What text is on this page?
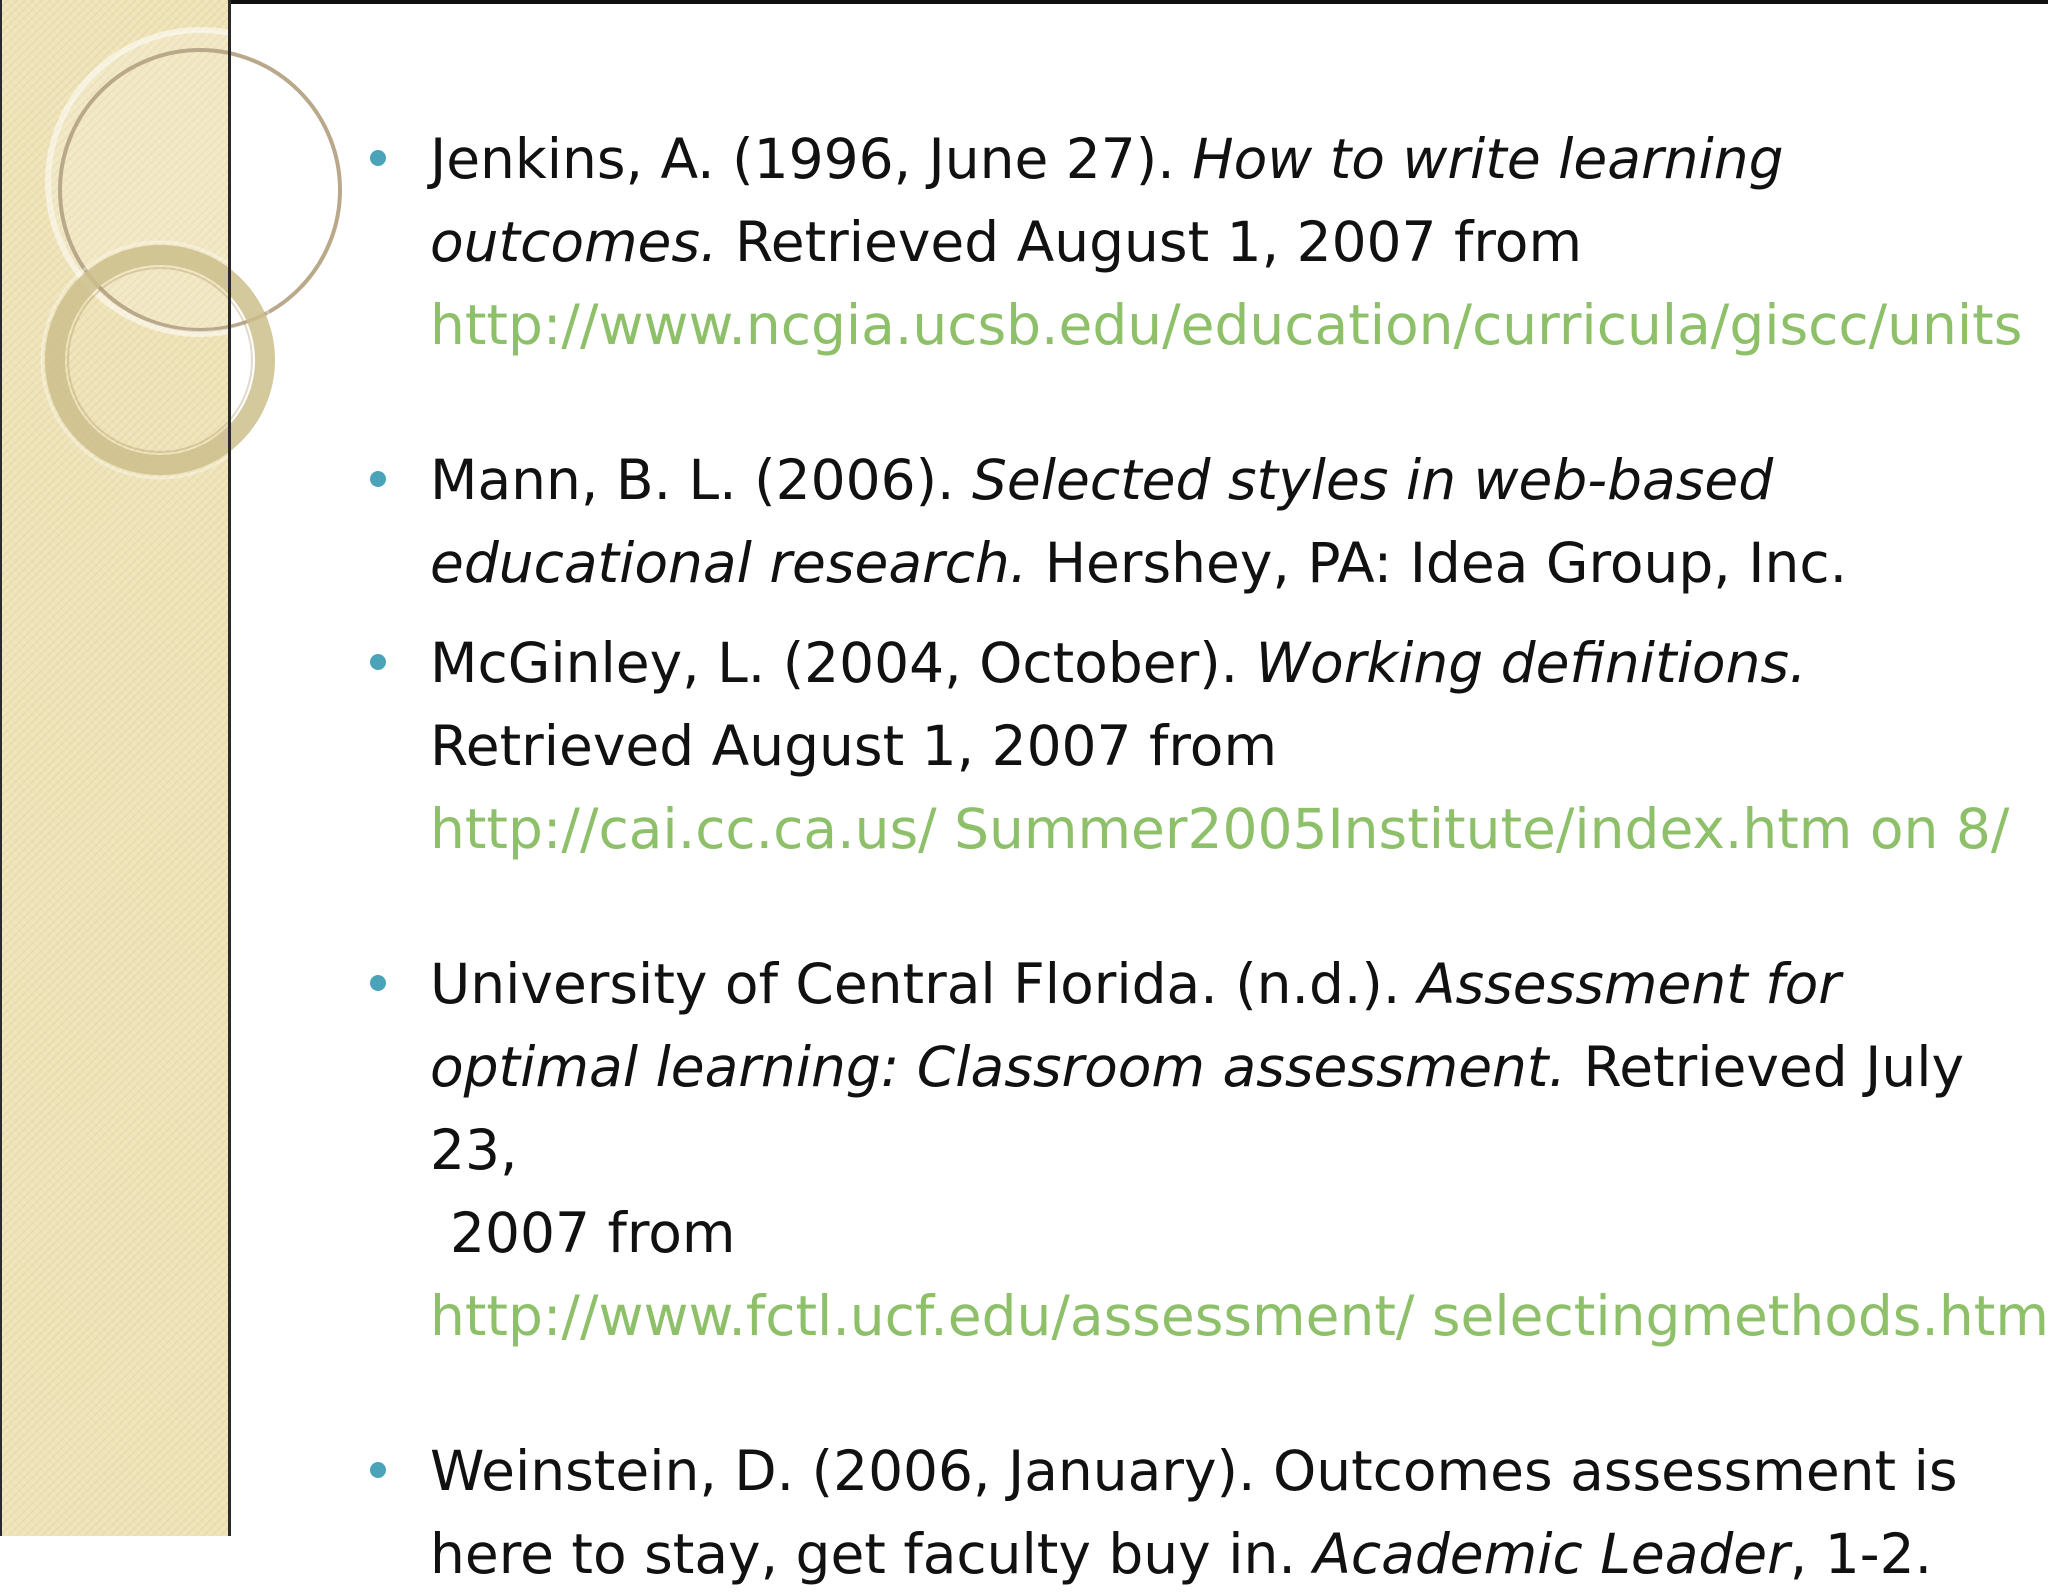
Jenkins, A. (1996, June 27). How to write learning
outcomes. Retrieved August 1, 2007 from
http://www.ncgia.ucsb.edu/education/curricula/giscc/units
Mann, B. L. (2006). Selected styles in web-based
educational research. Hershey, PA: Idea Group, Inc.
McGinley, L. (2004, October). Working definitions.
Retrieved August 1, 2007 from
http://cai.cc.ca.us/ Summer2005Institute/index.htm on 8/
University of Central Florida. (n.d.). Assessment for
optimal learning: Classroom assessment. Retrieved July 23,
2007 from
http://www.fctl.ucf.edu/assessment/ selectingmethods.htm
Weinstein, D. (2006, January). Outcomes assessment is
here to stay, get faculty buy in. Academic Leader, 1-2.
